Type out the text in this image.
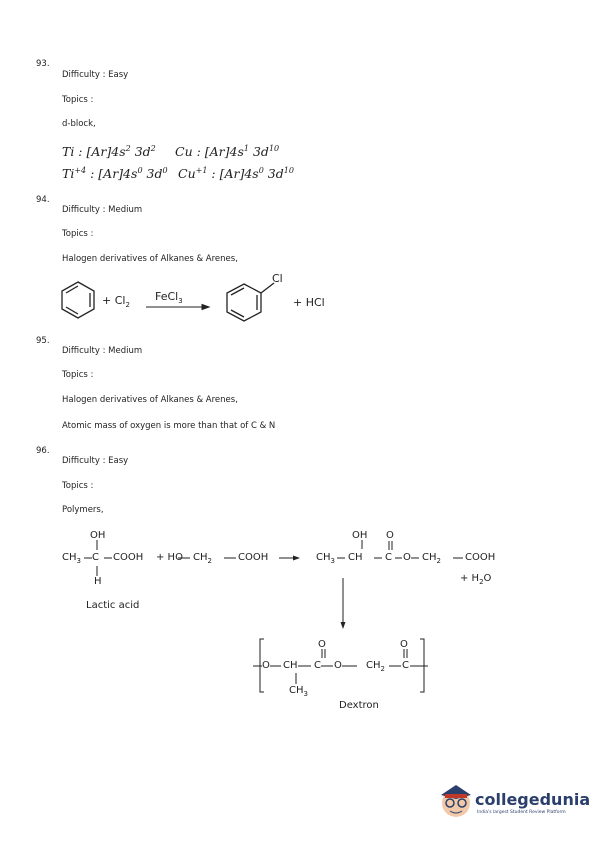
93.
Difficulty : Easy
Topics :
d-block,
Ti : $[Ar]4s^2$ $3d^2$ Cu : $[Ar]4s^1$ $3d^{10}$
$Ti^{+4}$ : $[Ar]4s^0$ $3d^0$ $Cu^{+1}$ : $[Ar]4s^0$ $3d^{10}$
94.
Difficulty : Medium
Topics :
Halogen derivatives of Alkanes & Arenes,
+ $Cl_2$
FeCl$_3$
Cl
+ HCl
95.
Difficulty : Medium
Topics :
Halogen derivatives of Alkanes & Arenes,
Atomic mass of oxygen is more than that of C & N
96.
Difficulty : Easy
Topics :
Polymers,
OH
$CH_3$ C COOH + HO $CH_2$	COOH
H
Lactic acid
OH O
$CH_3$ CH C O $CH_2$ COOH
+ $H_2O$
O	O
O CH C O $CH_2$ C
$CH_3$
Dextron
collegedunia
India's largest Student Review Platform
